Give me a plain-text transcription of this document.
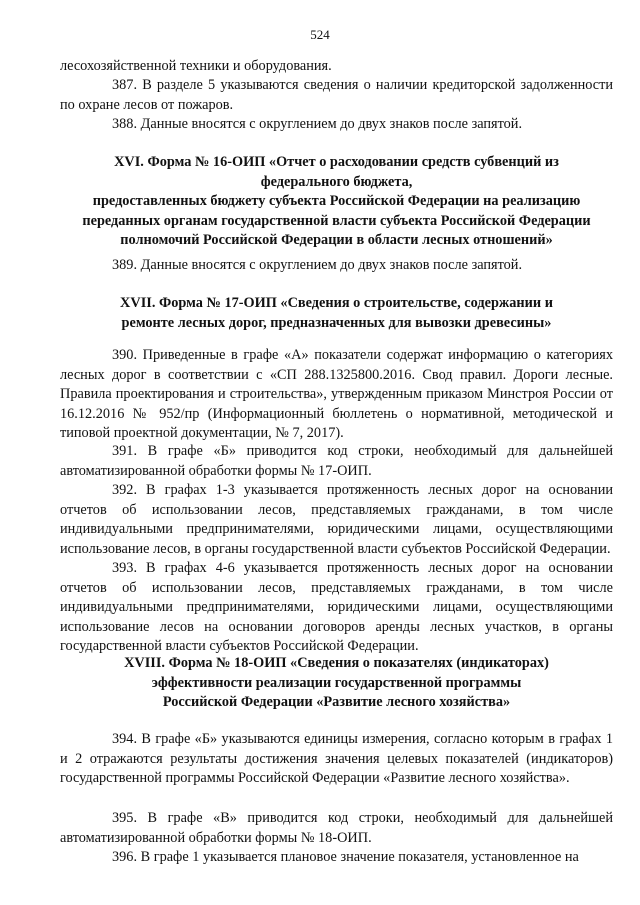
524

лесохозяйственной техники и оборудования.

387. В разделе 5 указываются сведения о наличии кредиторской задолженности по охране лесов от пожаров.

388. Данные вносятся с округлением до двух знаков после запятой.

XVI. Форма № 16-ОИП «Отчет о расходовании средств субвенций из

федерального бюджета,

предоставленных бюджету субъекта Российской Федерации на реализацию

переданных органам государственной власти субъекта Российской Федерации

полномочий Российской Федерации в области лесных отношений»

389. Данные вносятся с округлением до двух знаков после запятой.

XVII. Форма № 17-ОИП «Сведения о строительстве, содержании и

ремонте лесных дорог, предназначенных для вывозки древесины»

390. Приведенные в графе «А» показатели содержат информацию о категориях лесных дорог в соответствии с «СП 288.1325800.2016. Свод правил. Дороги лесные. Правила проектирования и строительства», утвержденным приказом Минстроя России от 16.12.2016 № 952/пр (Информационный бюллетень о нормативной, методической и типовой проектной документации, № 7, 2017).

391. В графе «Б» приводится код строки, необходимый для дальнейшей автоматизированной обработки формы № 17-ОИП.

392. В графах 1-3 указывается протяженность лесных дорог на основании отчетов об использовании лесов, представляемых гражданами, в том числе индивидуальными предпринимателями, юридическими лицами, осуществляющими использование лесов, в органы государственной власти субъектов Российской Федерации.

393. В графах 4-6 указывается протяженность лесных дорог на основании отчетов об использовании лесов, представляемых гражданами, в том числе индивидуальными предпринимателями, юридическими лицами, осуществляющими использование лесов на основании договоров аренды лесных участков, в органы государственной власти субъектов Российской Федерации.

XVIII. Форма № 18-ОИП «Сведения о показателях (индикаторах)

эффективности реализации государственной программы

Российской Федерации «Развитие лесного хозяйства»

394. В графе «Б» указываются единицы измерения, согласно которым в графах 1 и 2 отражаются результаты достижения значения целевых показателей (индикаторов) государственной программы Российской Федерации «Развитие лесного хозяйства».

395. В графе «В» приводится код строки, необходимый для дальнейшей автоматизированной обработки формы № 18-ОИП.

396. В графе 1 указывается плановое значение показателя, установленное на
